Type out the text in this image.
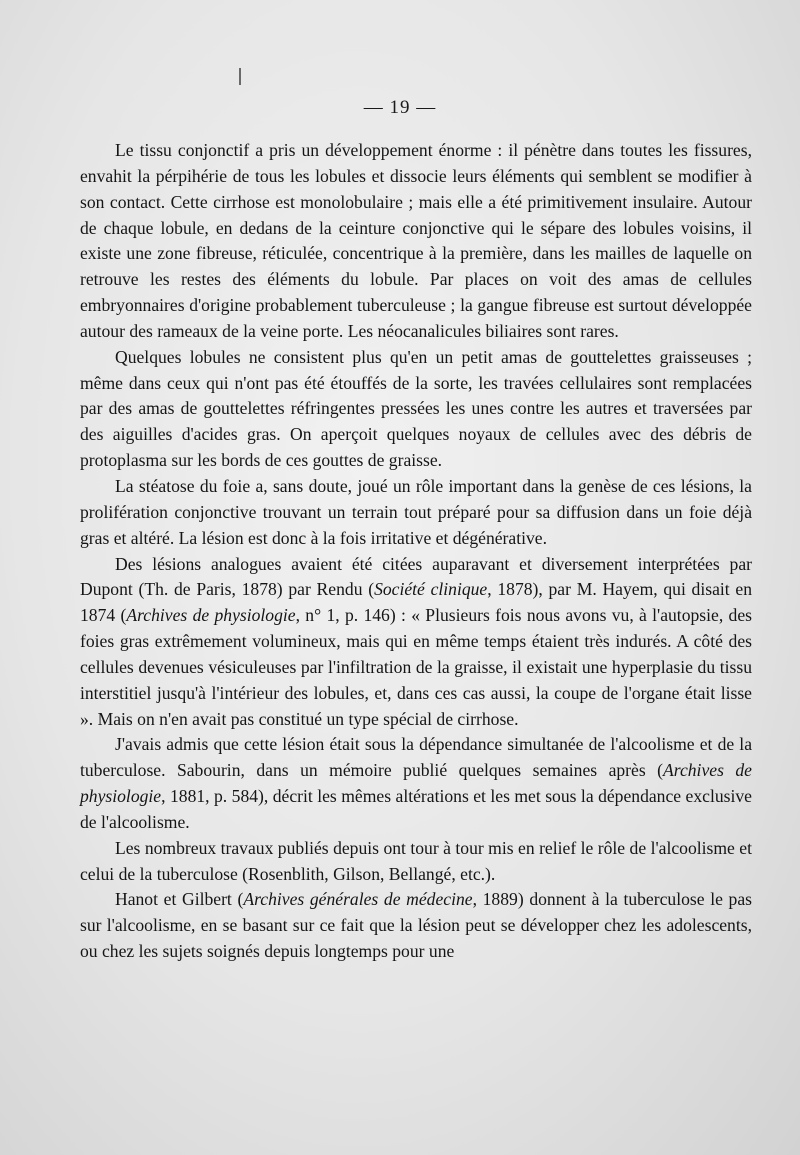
— 19 —

Le tissu conjonctif a pris un développement énorme : il pénètre dans toutes les fissures, envahit la pérpihérie de tous les lobules et dissocie leurs éléments qui semblent se modifier à son contact. Cette cirrhose est monolobulaire ; mais elle a été primitivement insulaire. Autour de chaque lobule, en dedans de la ceinture conjonctive qui le sépare des lobules voisins, il existe une zone fibreuse, réticulée, concentrique à la première, dans les mailles de laquelle on retrouve les restes des éléments du lobule. Par places on voit des amas de cellules embryonnaires d'origine probablement tuberculeuse ; la gangue fibreuse est surtout développée autour des rameaux de la veine porte. Les néocanalicules biliaires sont rares.

Quelques lobules ne consistent plus qu'en un petit amas de gouttelettes graisseuses ; même dans ceux qui n'ont pas été étouffés de la sorte, les travées cellulaires sont remplacées par des amas de gouttelettes réfringentes pressées les unes contre les autres et traversées par des aiguilles d'acides gras. On aperçoit quelques noyaux de cellules avec des débris de protoplasma sur les bords de ces gouttes de graisse.

La stéatose du foie a, sans doute, joué un rôle important dans la genèse de ces lésions, la prolifération conjonctive trouvant un terrain tout préparé pour sa diffusion dans un foie déjà gras et altéré. La lésion est donc à la fois irritative et dégénérative.

Des lésions analogues avaient été citées auparavant et diversement interprétées par Dupont (Th. de Paris, 1878) par Rendu (Société clinique, 1878), par M. Hayem, qui disait en 1874 (Archives de physiologie, n° 1, p. 146) : « Plusieurs fois nous avons vu, à l'autopsie, des foies gras extrêmement volumineux, mais qui en même temps étaient très indurés. A côté des cellules devenues vésiculeuses par l'infiltration de la graisse, il existait une hyperplasie du tissu interstitiel jusqu'à l'intérieur des lobules, et, dans ces cas aussi, la coupe de l'organe était lisse ». Mais on n'en avait pas constitué un type spécial de cirrhose.

J'avais admis que cette lésion était sous la dépendance simultanée de l'alcoolisme et de la tuberculose. Sabourin, dans un mémoire publié quelques semaines après (Archives de physiologie, 1881, p. 584), décrit les mêmes altérations et les met sous la dépendance exclusive de l'alcoolisme.

Les nombreux travaux publiés depuis ont tour à tour mis en relief le rôle de l'alcoolisme et celui de la tuberculose (Rosenblith, Gilson, Bellangé, etc.).

Hanot et Gilbert (Archives générales de médecine, 1889) donnent à la tuberculose le pas sur l'alcoolisme, en se basant sur ce fait que la lésion peut se développer chez les adolescents, ou chez les sujets soignés depuis longtemps pour une
